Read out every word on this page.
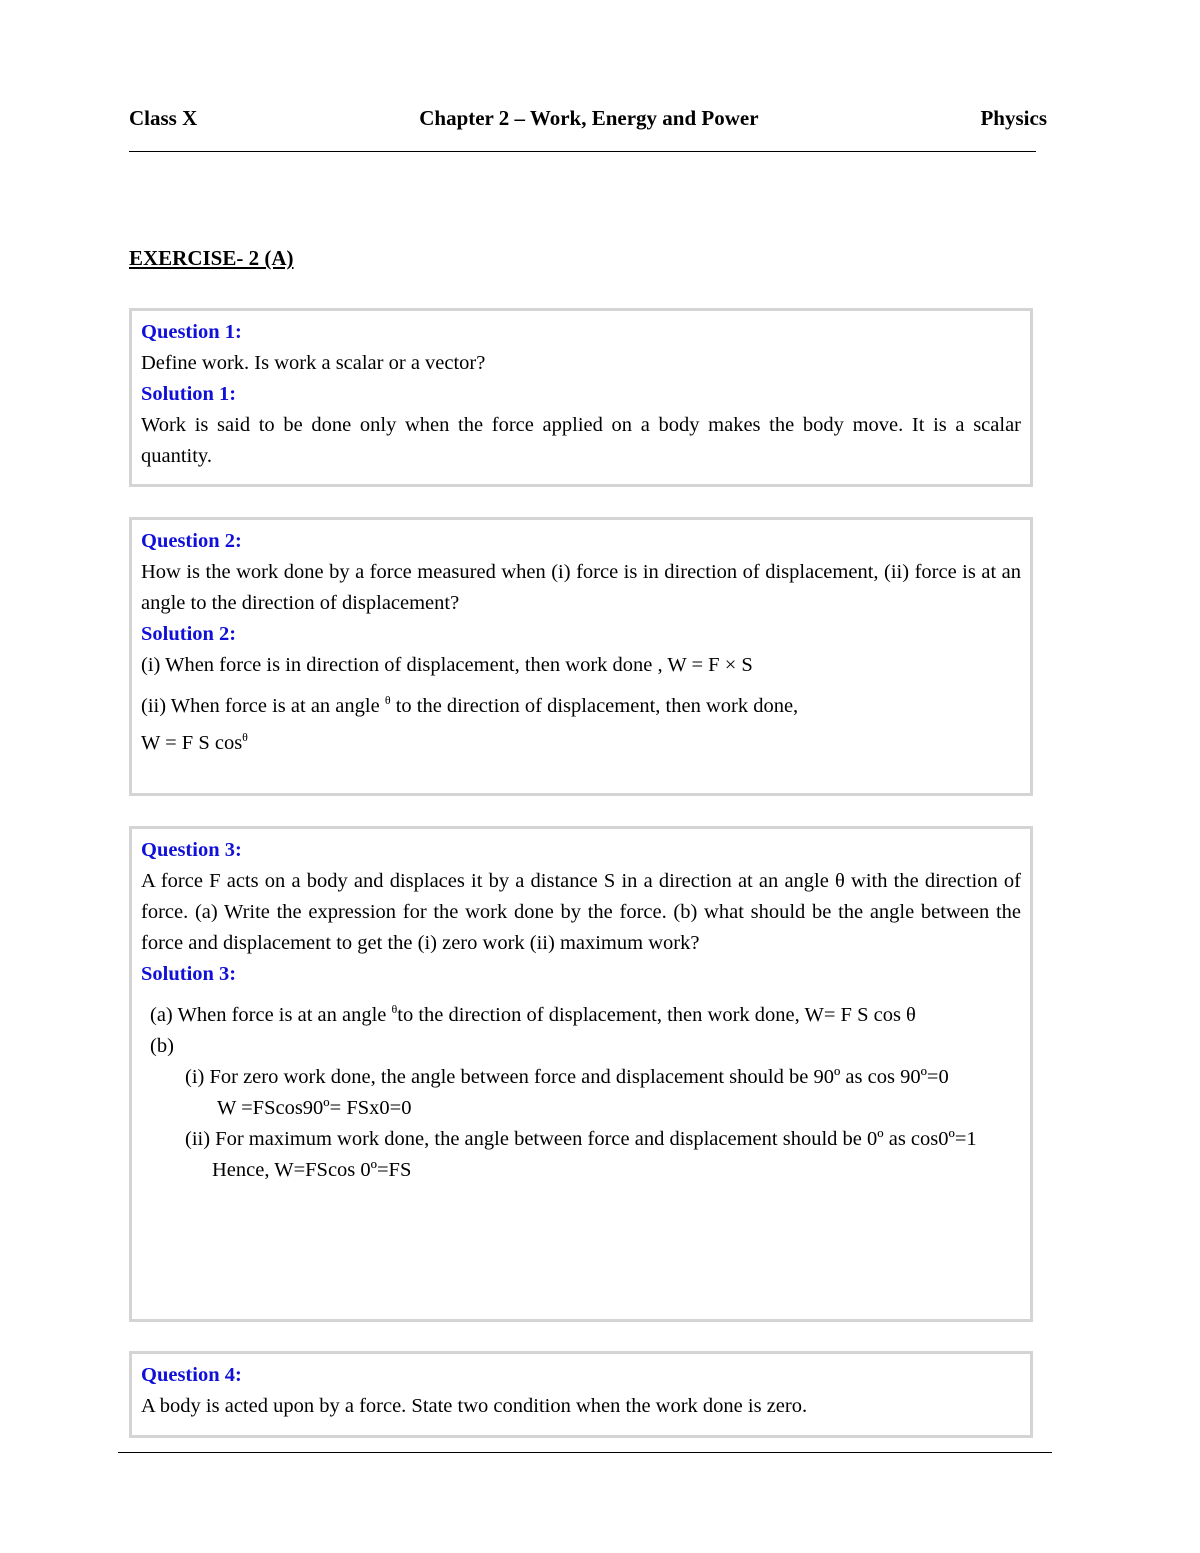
Class X	Chapter 2 – Work, Energy and Power	Physics
EXERCISE- 2 (A)

Question 1:

Define work. Is work a scalar or a vector?

Solution 1:

Work is said to be done only when the force applied on a body makes the body move. It is a scalar quantity.

Question 2:

How is the work done by a force measured when (i) force is in direction of displacement, (ii) force is at an angle to the direction of displacement?

Solution 2:

(i) When force is in direction of displacement, then work done , W = F × S

(ii) When force is at an angle $^\theta$ to the direction of displacement, then work done,

W = F S $\cos^\theta$

Question 3:

A force F acts on a body and displaces it by a distance S in a direction at an angle θ with the direction of force. (a) Write the expression for the work done by the force. (b) what should be the angle between the force and displacement to get the (i) zero work (ii) maximum work?

Solution 3:

(a) When force is at an angle $^\theta$to the direction of displacement, then work done, W= F S cos θ

(b)

(i) For zero work done, the angle between force and displacement should be 90º as cos 90º=0

W =FScos90º= FSx0=0

(ii) For maximum work done, the angle between force and displacement should be 0º as cos0º=1

Hence, W=FScos 0º=FS

Question 4:

A body is acted upon by a force. State two condition when the work done is zero.
